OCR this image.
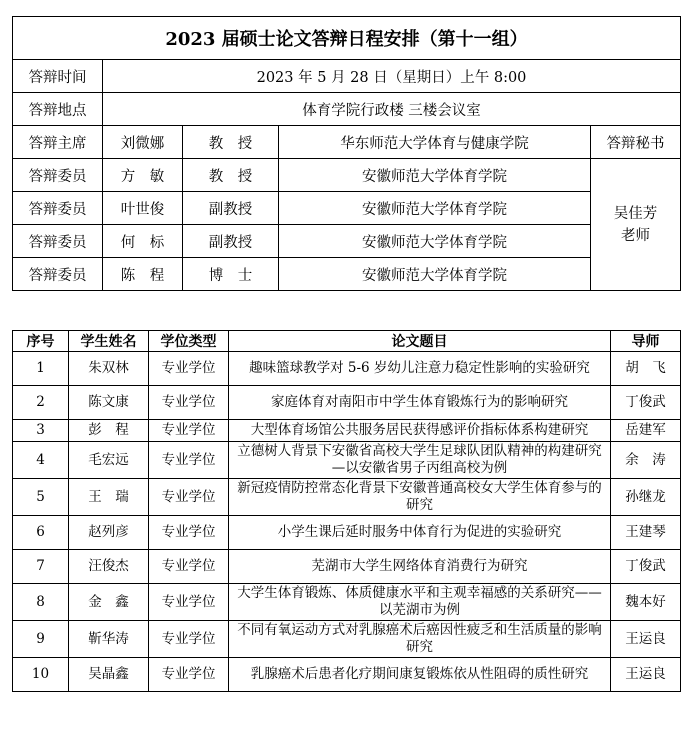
2023 届硕士论文答辩日程安排（第十一组）				
答辩时间	2023 年 5 月 28 日（星期日）上午 8:00			
答辩地点	体育学院行政楼 三楼会议室			
答辩主席	刘微娜	教　授	华东师范大学体育与健康学院	答辩秘书
答辩委员	方　敏	教　授	安徽师范大学体育学院	吴佳芳
老师

答辩委员	叶世俊	副教授	安徽师范大学体育学院	
答辩委员	何　标	副教授	安徽师范大学体育学院	
答辩委员	陈　程	博　士	安徽师范大学体育学院	
序号	学生姓名	学位类型	论文题目	导师
1	朱双林	专业学位	趣味篮球教学对 5-6 岁幼儿注意力稳定性影响的实验研究	胡　飞
2	陈文康	专业学位	家庭体育对南阳市中学生体育锻炼行为的影响研究	丁俊武
3	彭　程	专业学位	大型体育场馆公共服务居民获得感评价指标体系构建研究	岳建军
4	毛宏远	专业学位	立德树人背景下安徽省高校大学生足球队团队精神的构建研究—以安徽省男子丙组高校为例	余　涛
5	王　瑞	专业学位	新冠疫情防控常态化背景下安徽普通高校女大学生体育参与的研究	孙继龙
6	赵列彦	专业学位	小学生课后延时服务中体育行为促进的实验研究	王建琴
7	汪俊杰	专业学位	芜湖市大学生网络体育消费行为研究	丁俊武
8	金　鑫	专业学位	大学生体育锻炼、体质健康水平和主观幸福感的关系研究——以芜湖市为例	魏本好
9	靳华涛	专业学位	不同有氧运动方式对乳腺癌术后癌因性疲乏和生活质量的影响研究	王运良
10	吴晶鑫	专业学位	乳腺癌术后患者化疗期间康复锻炼依从性阻碍的质性研究	王运良
